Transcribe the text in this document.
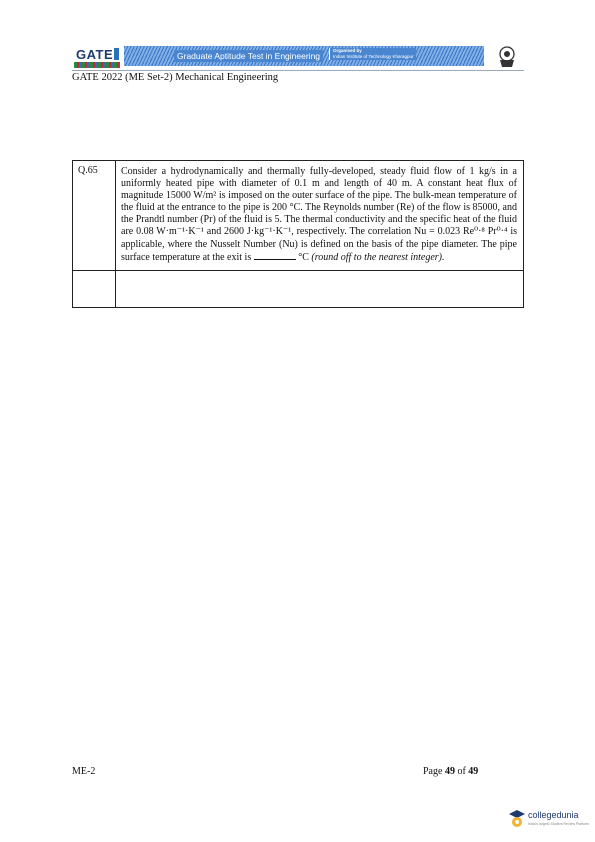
GATE	Graduate Aptitude Test in Engineering
Organised by
Indian Institute of Technology Kharagpur
GATE 2022 (ME Set-2) Mechanical Engineering
Q.65	Consider a hydrodynamically and thermally fully-developed, steady fluid flow of 1 kg/s in a uniformly heated pipe with diameter of 0.1 m and length of 40 m. A constant heat flux of magnitude 15000 W/m² is imposed on the outer surface of the pipe. The bulk-mean temperature of the fluid at the entrance to the pipe is 200 °C. The Reynolds number (Re) of the flow is 85000, and the Prandtl number (Pr) of the fluid is 5. The thermal conductivity and the specific heat of the fluid are 0.08 W·m⁻¹·K⁻¹ and 2600 J·kg⁻¹·K⁻¹, respectively. The correlation Nu = 0.023 Re⁰·⁸ Pr⁰·⁴ is applicable, where the Nusselt Number (Nu) is defined on the basis of the pipe diameter. The pipe surface temperature at the exit is °C (round off to the nearest integer).

ME-2	Page 49 of 49
collegedunia
India's largest Student Review Platform
